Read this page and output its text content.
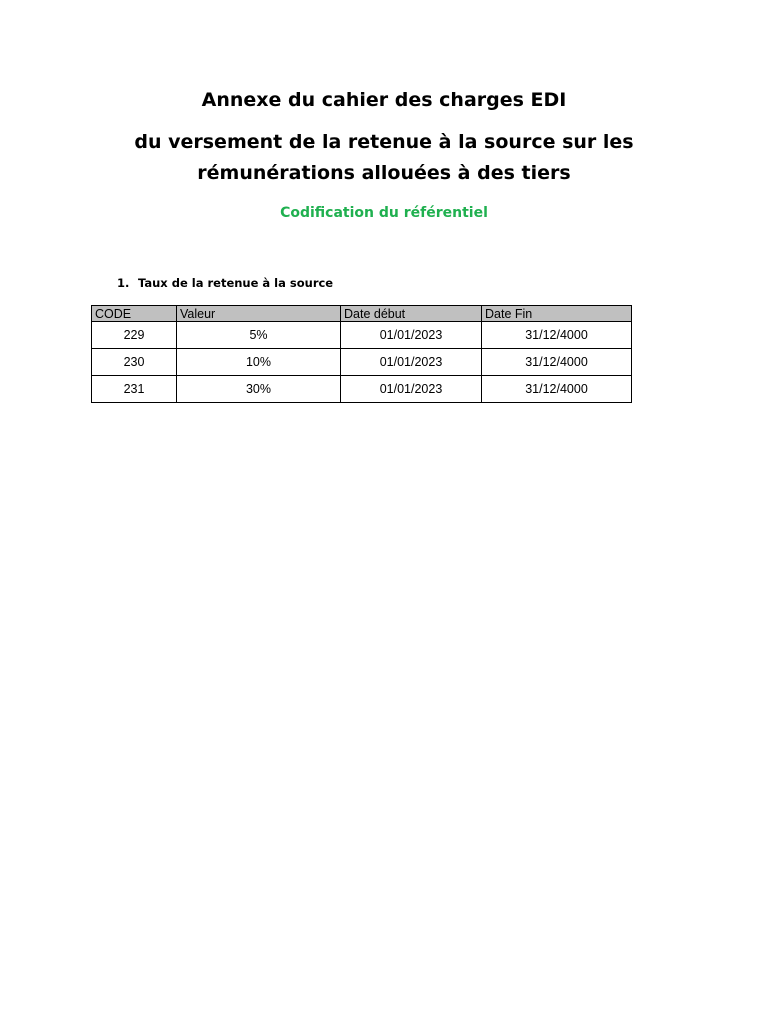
Annexe du cahier des charges EDI
du versement de la retenue à la source sur les
rémunérations allouées à des tiers
Codification du référentiel
1. Taux de la retenue à la source
CODE	Valeur	Date début	Date Fin
229	5%	01/01/2023	31/12/4000
230	10%	01/01/2023	31/12/4000
231	30%	01/01/2023	31/12/4000
